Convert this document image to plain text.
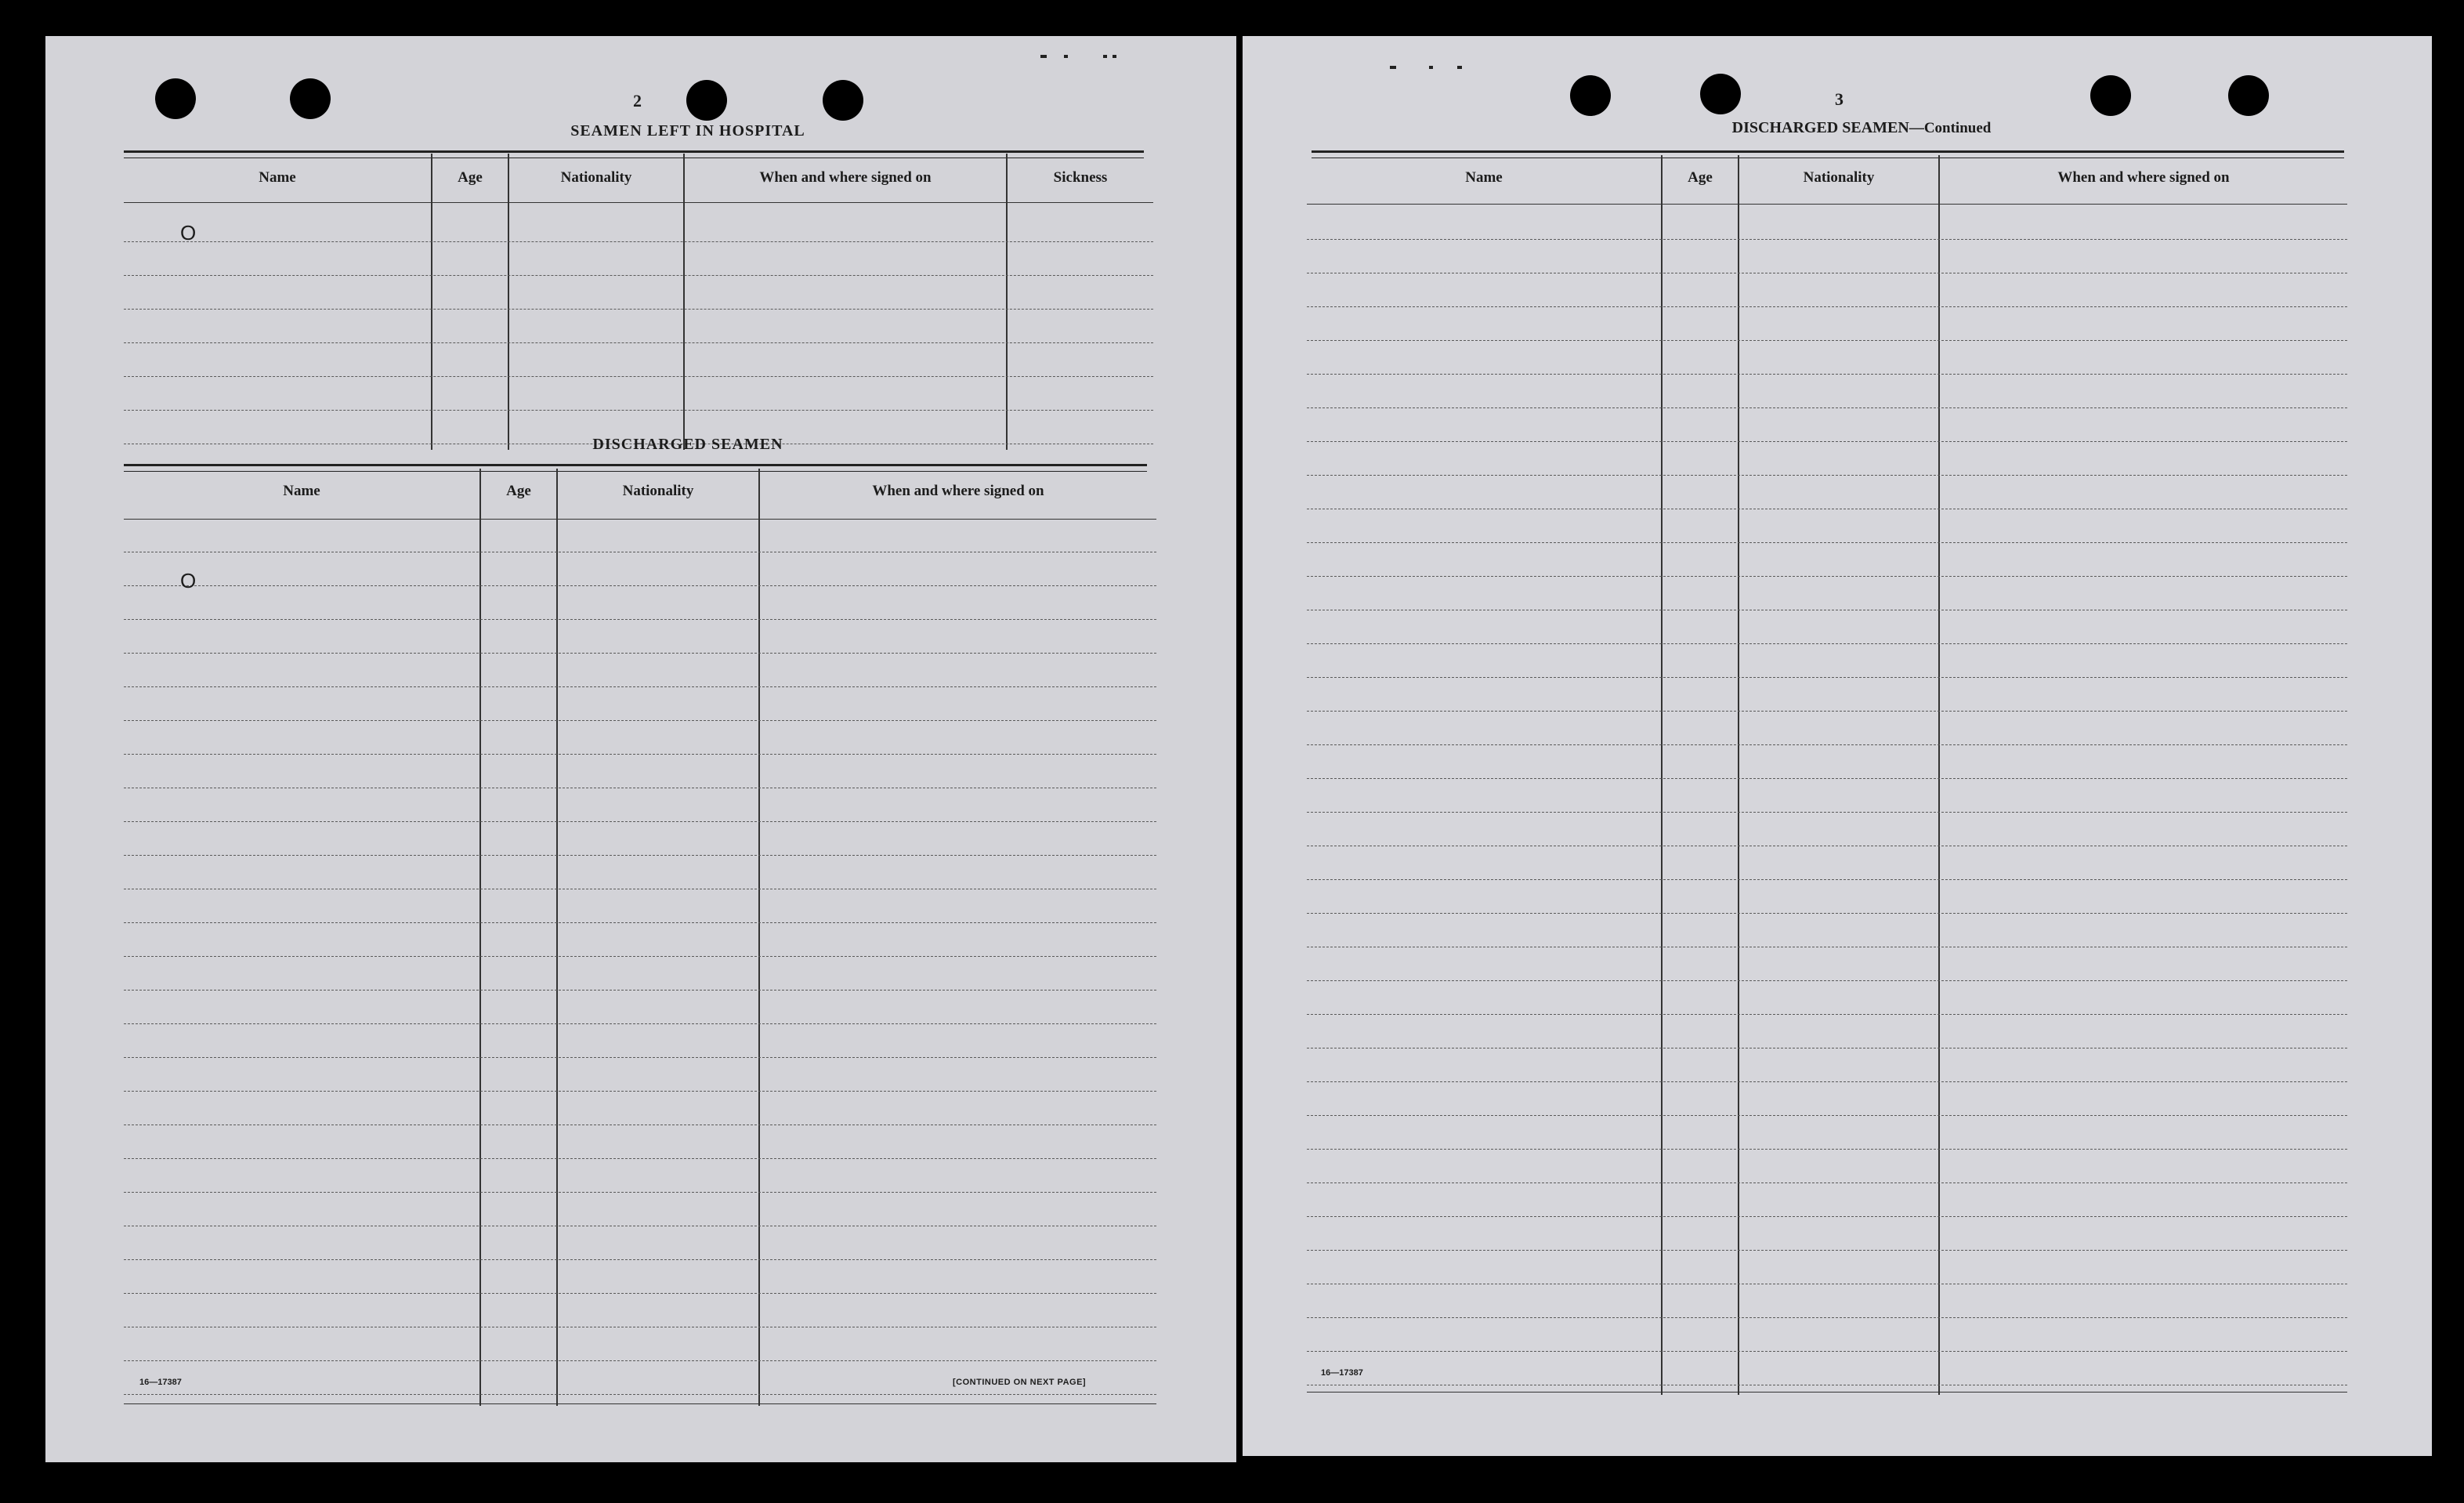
2
SEAMEN LEFT IN HOSPITAL
Name	Age	Nationality	When and where signed on	Sickness
O
DISCHARGED SEAMEN
Name	Age	Nationality	When and where signed on
O
16—17387	[CONTINUED ON NEXT PAGE]
3
DISCHARGED SEAMEN—Continued
Name	Age	Nationality	When and where signed on
16—17387
